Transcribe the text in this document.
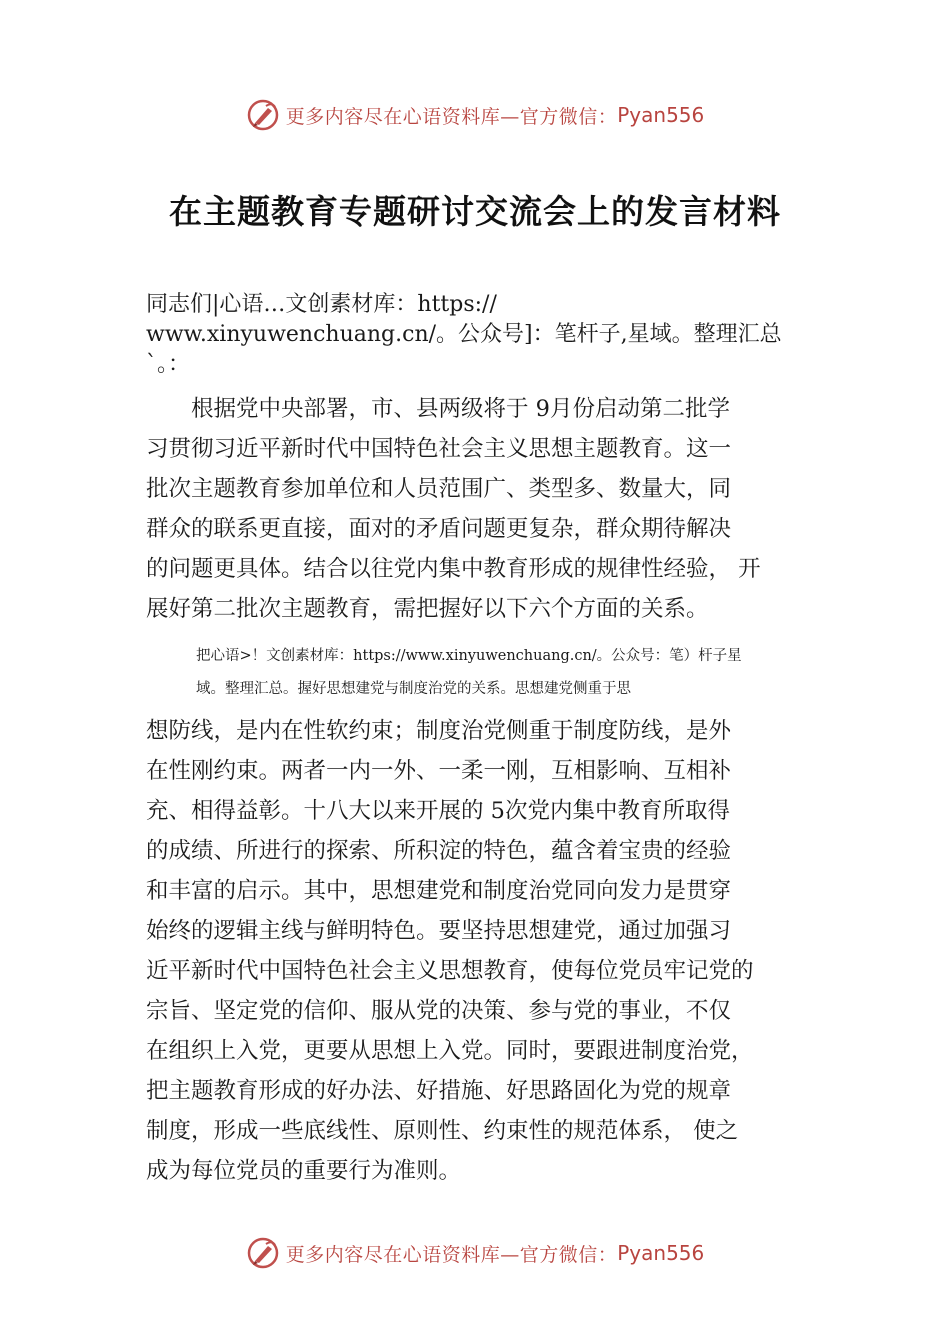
更多内容尽在心语资料库—官方微信： Pyan556
在主题教育专题研讨交流会上的发言材料
同志们|心语…文创素材库：https://
www.xinyuwenchuang.cn/。公众号]：笔杆子,星域。整理汇总
`。：
　　根据党中央部署，市、县两级将于 9月份启动第二批学
习贯彻习近平新时代中国特色社会主义思想主题教育。这一
批次主题教育参加单位和人员范围广、类型多、数量大，同
群众的联系更直接，面对的矛盾问题更复杂，群众期待解决
的问题更具体。结合以往党内集中教育形成的规律性经验， 开
展好第二批次主题教育，需把握好以下六个方面的关系。
把心语>！文创素材库：https://www.xinyuwenchuang.cn/。公众号：笔）杆子星
域。整理汇总。握好思想建党与制度治党的关系。思想建党侧重于思
想防线，是内在性软约束；制度治党侧重于制度防线，是外
在性刚约束。两者一内一外、一柔一刚，互相影响、互相补
充、相得益彰。十八大以来开展的 5次党内集中教育所取得
的成绩、所进行的探索、所积淀的特色，蕴含着宝贵的经验
和丰富的启示。其中，思想建党和制度治党同向发力是贯穿
始终的逻辑主线与鲜明特色。要坚持思想建党，通过加强习
近平新时代中国特色社会主义思想教育，使每位党员牢记党的
宗旨、坚定党的信仰、服从党的决策、参与党的事业，不仅
在组织上入党，更要从思想上入党。同时，要跟进制度治党，
把主题教育形成的好办法、好措施、好思路固化为党的规章
制度，形成一些底线性、原则性、约束性的规范体系， 使之
成为每位党员的重要行为准则。
更多内容尽在心语资料库—官方微信： Pyan556
